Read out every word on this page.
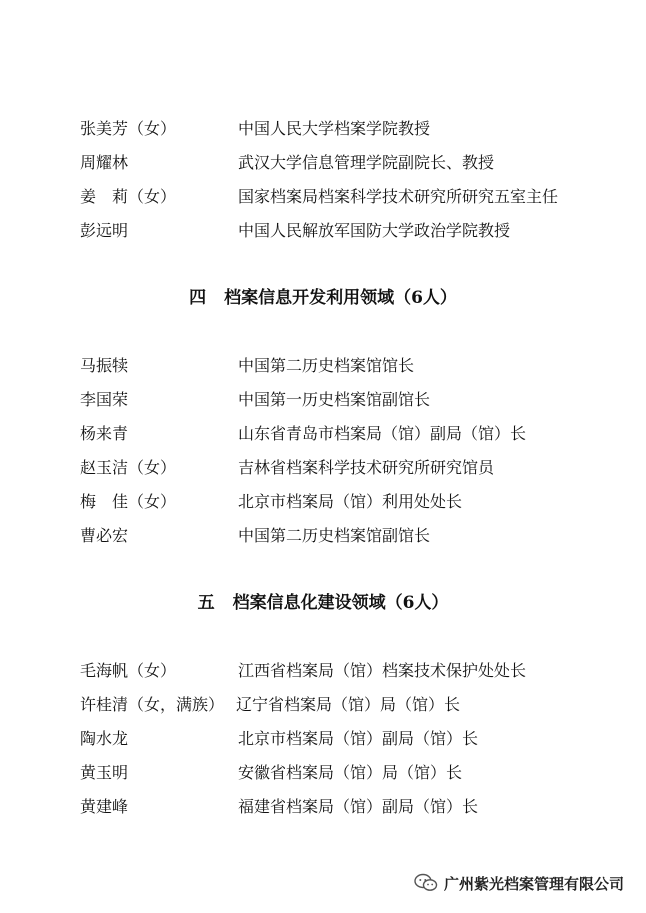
张美芳（女）	中国人民大学档案学院教授
周耀林	武汉大学信息管理学院副院长、教授
姜　莉（女）	国家档案局档案科学技术研究所研究五室主任
彭远明	中国人民解放军国防大学政治学院教授
四 档案信息开发利用领域（6人）
马振犊	中国第二历史档案馆馆长
李国荣	中国第一历史档案馆副馆长
杨来青	山东省青岛市档案局（馆）副局（馆）长
赵玉洁（女）	吉林省档案科学技术研究所研究馆员
梅　佳（女）	北京市档案局（馆）利用处处长
曹必宏	中国第二历史档案馆副馆长
五 档案信息化建设领域（6人）
毛海帆（女）	江西省档案局（馆）档案技术保护处处长
许桂清（女，满族） 辽宁省档案局（馆）局（馆）长
陶水龙	北京市档案局（馆）副局（馆）长
黄玉明	安徽省档案局（馆）局（馆）长
黄建峰	福建省档案局（馆）副局（馆）长
广州紫光档案管理有限公司
